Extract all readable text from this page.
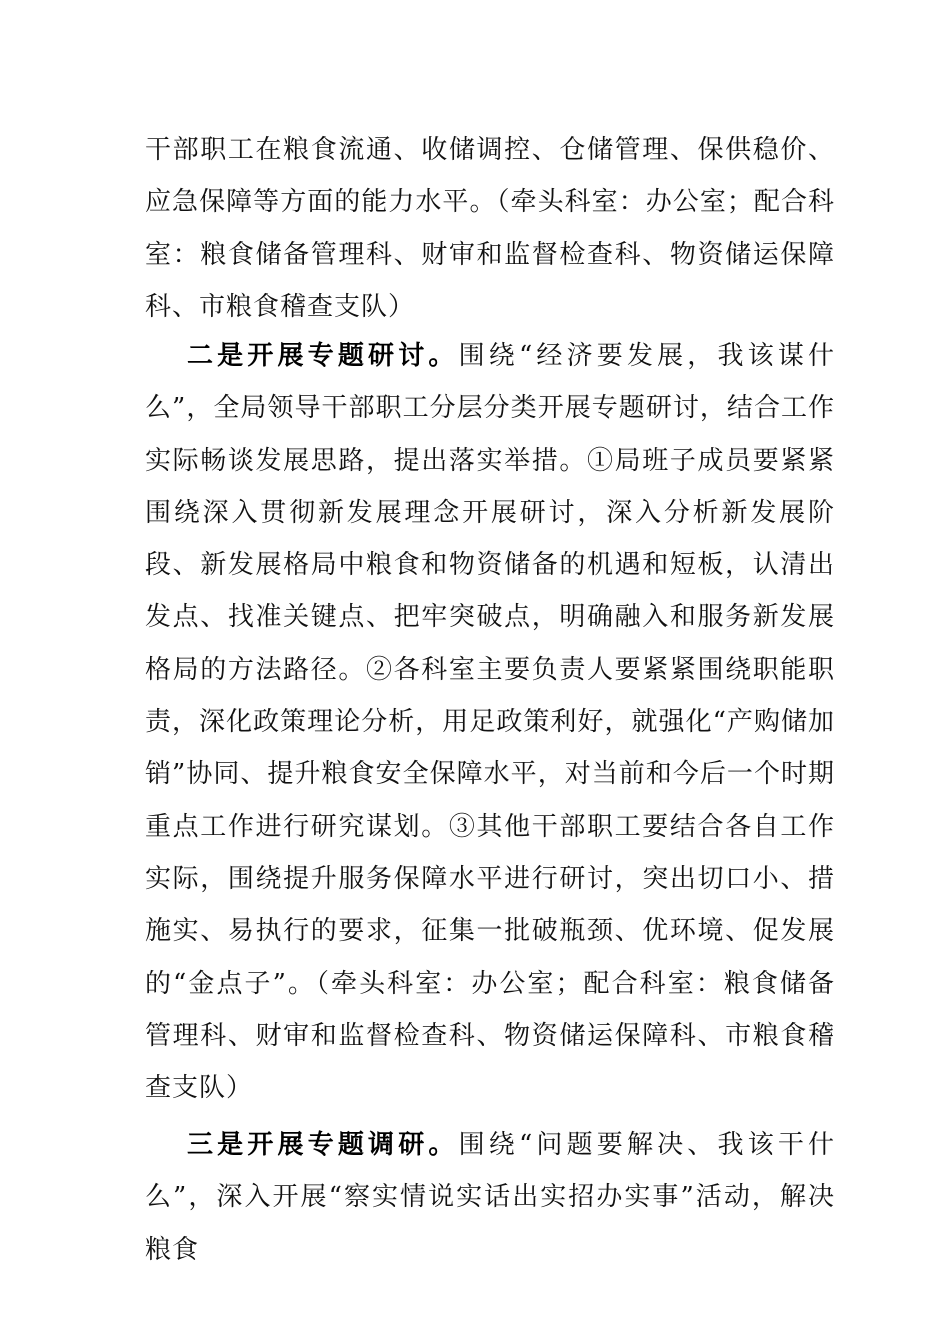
干部职工在粮食流通、收储调控、仓储管理、保供稳价、应急保障等方面的能力水平。（牵头科室：办公室；配合科室：粮食储备管理科、财审和监督检查科、物资储运保障科、市粮食稽查支队）

二是开展专题研讨。围绕“经济要发展，我该谋什么”，全局领导干部职工分层分类开展专题研讨，结合工作实际畅谈发展思路，提出落实举措。①局班子成员要紧紧围绕深入贯彻新发展理念开展研讨，深入分析新发展阶段、新发展格局中粮食和物资储备的机遇和短板，认清出发点、找准关键点、把牢突破点，明确融入和服务新发展格局的方法路径。②各科室主要负责人要紧紧围绕职能职责，深化政策理论分析，用足政策利好，就强化“产购储加销”协同、提升粮食安全保障水平，对当前和今后一个时期重点工作进行研究谋划。③其他干部职工要结合各自工作实际，围绕提升服务保障水平进行研讨，突出切口小、措施实、易执行的要求，征集一批破瓶颈、优环境、促发展的“金点子”。（牵头科室：办公室；配合科室：粮食储备管理科、财审和监督检查科、物资储运保障科、市粮食稽查支队）

三是开展专题调研。围绕“问题要解决、我该干什么”，深入开展“察实情说实话出实招办实事”活动，解决粮食
